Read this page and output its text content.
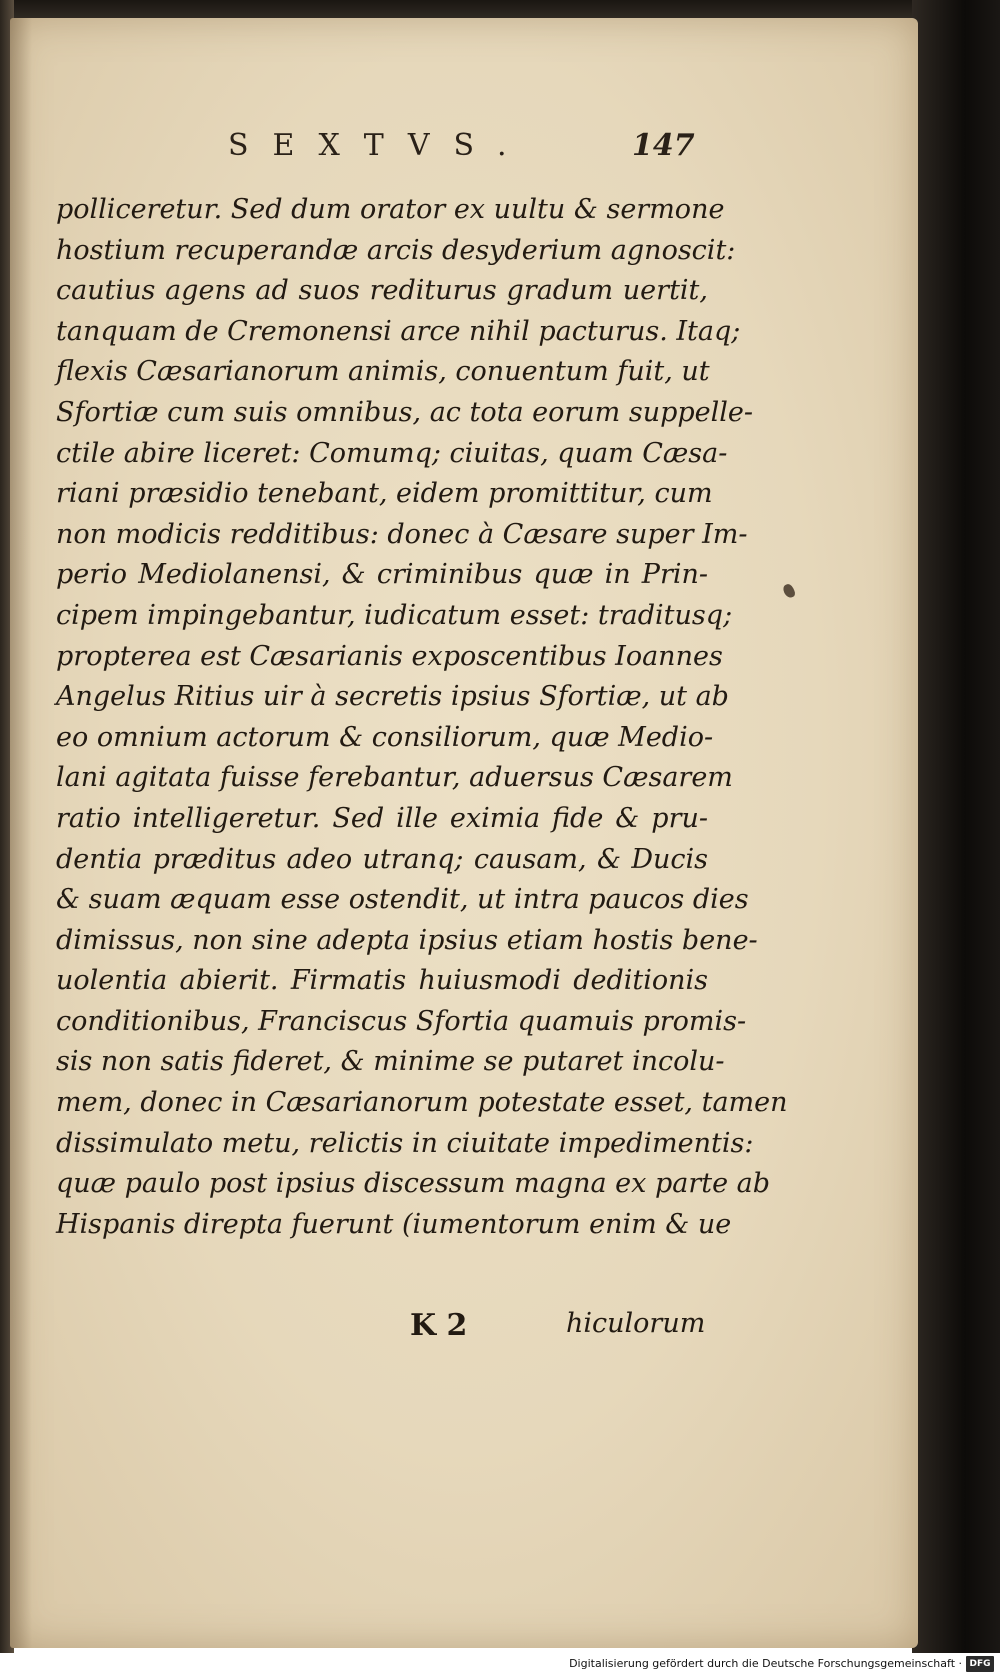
SEXTVS.	147
polliceretur. Sed dum orator ex uultu & sermone
hostium recuperandæ arcis desyderium agnoscit:
cautius agens ad suos rediturus gradum uertit,
tanquam de Cremonensi arce nihil pacturus. Itaq;
flexis Cæsarianorum animis, conuentum fuit, ut
Sfortiæ cum suis omnibus, ac tota eorum suppelle-
ctile abire liceret: Comumq; ciuitas, quam Cæsa-
riani præsidio tenebant, eidem promittitur, cum
non modicis redditibus: donec à Cæsare super Im-
perio Mediolanensi, & criminibus quæ in Prin-
cipem impingebantur, iudicatum esset: traditusq;
propterea est Cæsarianis exposcentibus Ioannes
Angelus Ritius uir à secretis ipsius Sfortiæ, ut ab
eo omnium actorum & consiliorum, quæ Medio-
lani agitata fuisse ferebantur, aduersus Cæsarem
ratio intelligeretur. Sed ille eximia fide & pru-
dentia præditus adeo utranq; causam, & Ducis
& suam æquam esse ostendit, ut intra paucos dies
dimissus, non sine adepta ipsius etiam hostis bene-
uolentia abierit. Firmatis huiusmodi deditionis
conditionibus, Franciscus Sfortia quamuis promis-
sis non satis fideret, & minime se putaret incolu-
mem, donec in Cæsarianorum potestate esset, tamen
dissimulato metu, relictis in ciuitate impedimentis:
quæ paulo post ipsius discessum magna ex parte ab
Hispanis direpta fuerunt (iumentorum enim & ue
K 2	hiculorum
Digitalisierung gefördert durch die Deutsche Forschungsgemeinschaft · DFG
